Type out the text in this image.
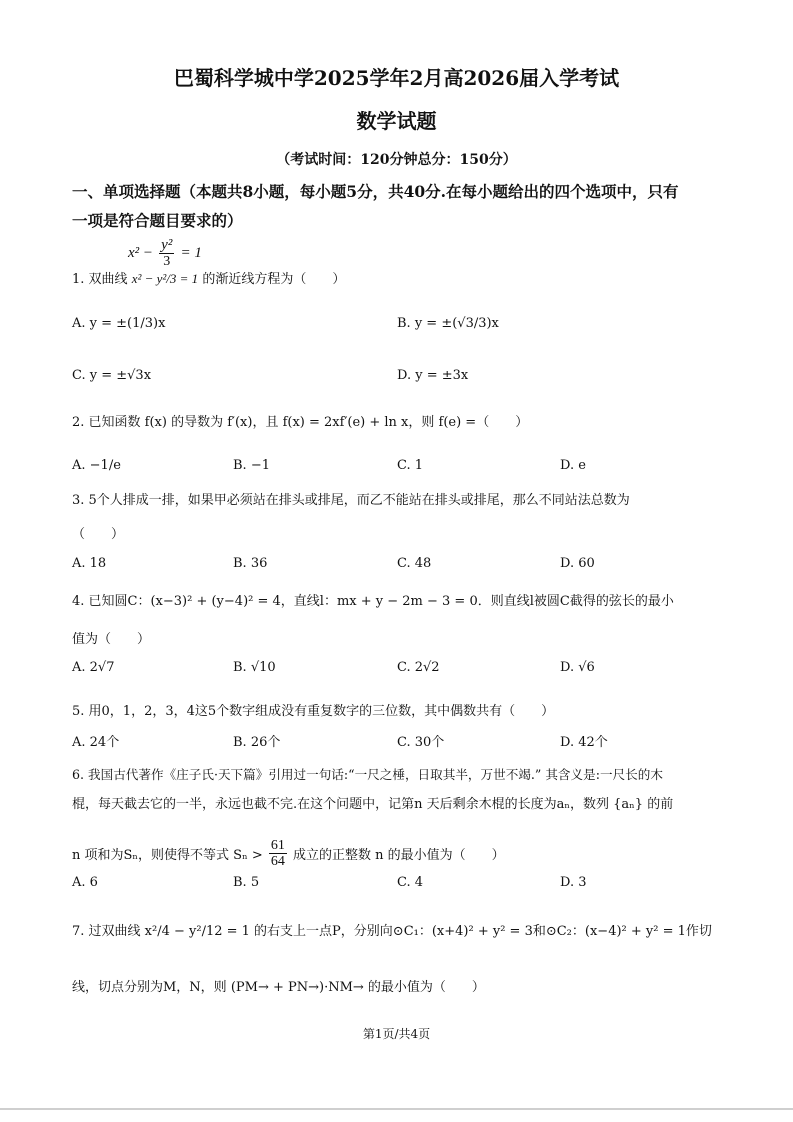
巴蜀科学城中学2025学年2月高2026届入学考试
数学试题
（考试时间：120分钟总分：150分）
一、单项选择题（本题共8小题，每小题5分，共40分.在每小题给出的四个选项中，只有
一项是符合题目要求的）
$x^2 - \frac{\text{y²}}{3} = 1$
1. 双曲线 x² − y²/3 = 1 的渐近线方程为（　　）
A. y = ±(1/3)x	B. y = ±(√3/3)x
C. y = ±√3x	D. y = ±3x
2. 已知函数 f(x) 的导数为 f′(x)，且 f(x) = 2xf′(e) + ln x，则 f(e) =（　　）
A. −1/e	B. −1	C. 1	D. e
3. 5个人排成一排，如果甲必须站在排头或排尾，而乙不能站在排头或排尾，那么不同站法总数为
（　　）
A. 18	B. 36	C. 48	D. 60
4. 已知圆C：(x−3)² + (y−4)² = 4，直线l：mx + y − 2m − 3 = 0．则直线l被圆C截得的弦长的最小
值为（　　）
A. 2√7	B. √10	C. 2√2	D. √6
5. 用0，1，2，3，4这5个数字组成没有重复数字的三位数，其中偶数共有（　　）
A. 24个	B. 26个	C. 30个	D. 42个
6. 我国古代著作《庄子氏·天下篇》引用过一句话:“一尺之棰，日取其半，万世不竭.” 其含义是:一尺长的木
棍，每天截去它的一半，永远也截不完.在这个问题中，记第n 天后剩余木棍的长度为aₙ，数列 {aₙ} 的前
n 项和为Sₙ，则使得不等式 $S_n > \frac{61}{64}$ 成立的正整数 n 的最小值为（　　）
A. 6	B. 5	C. 4	D. 3
7. 过双曲线 x²/4 − y²/12 = 1 的右支上一点P，分别向⊙C₁：(x+4)² + y² = 3和⊙C₂：(x−4)² + y² = 1作切
线，切点分别为M，N，则 (PM→ + PN→)·NM→ 的最小值为（　　）
第1页/共4页
